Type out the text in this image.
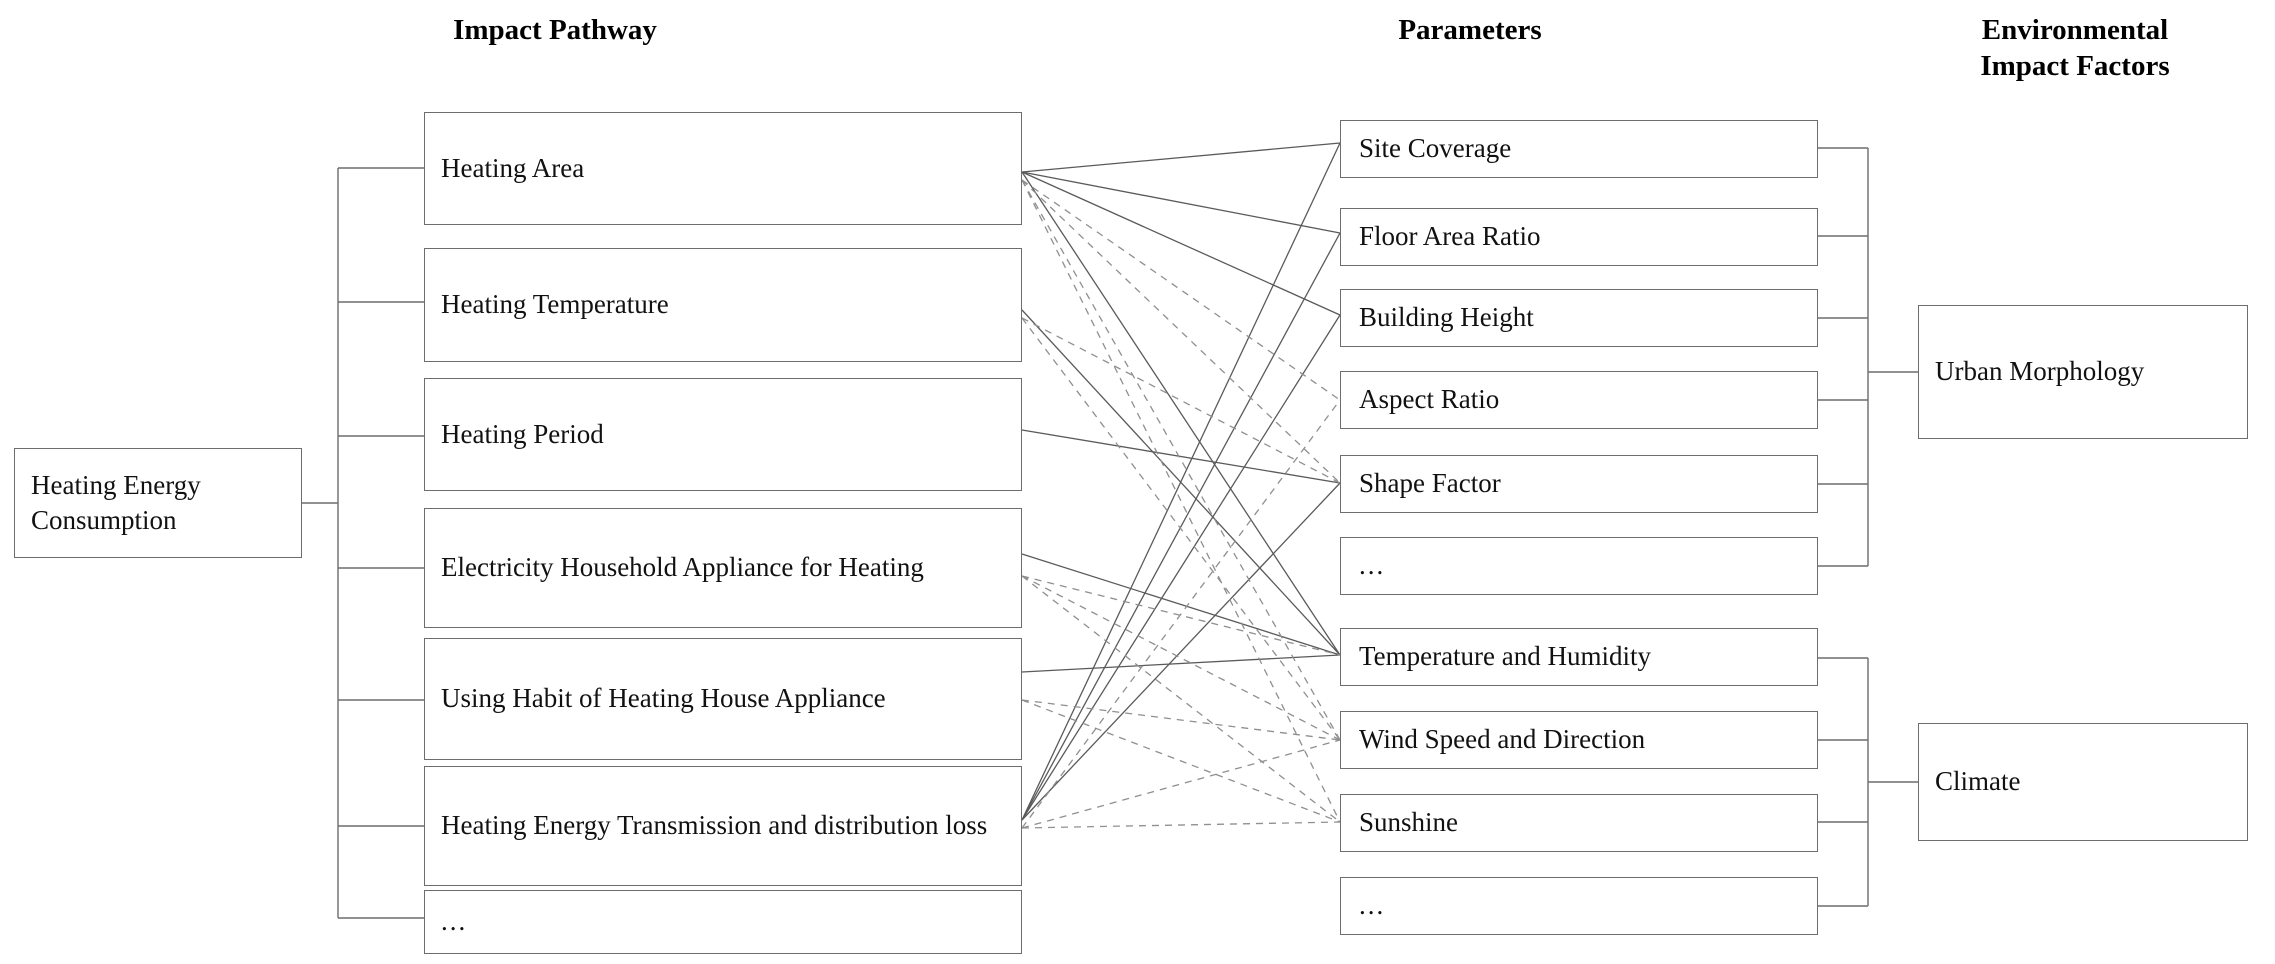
Impact Pathway	Parameters	Environmental
Impact Factors
Heating Energy
Consumption
Heating Area
Heating Temperature
Heating Period
Electricity Household Appliance for Heating
Using Habit of Heating House Appliance
Heating Energy Transmission and distribution loss
...
Site Coverage
Floor Area Ratio
Building Height
Aspect Ratio
Shape Factor
...
Temperature and Humidity
Wind Speed and Direction
Sunshine
...
Urban Morphology
Climate
